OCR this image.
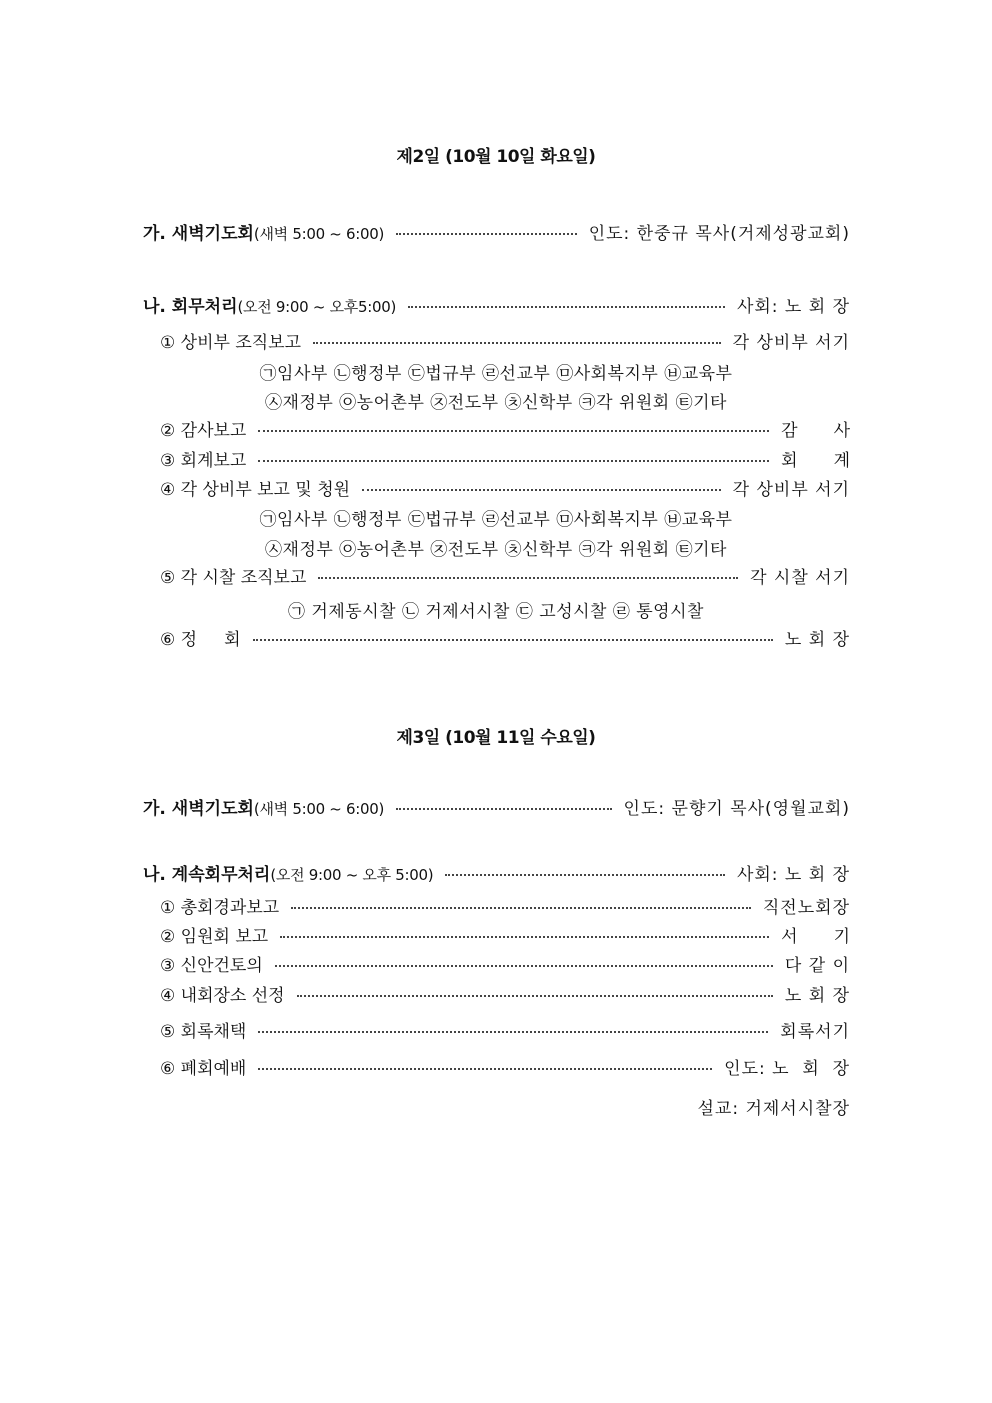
제2일 (10월 10일 화요일)
가. 새벽기도회(새벽 5:00 ~ 6:00)	인도: 한중규 목사(거제성광교회)
나. 회무처리(오전 9:00 ~ 오후5:00)	사회: 노 회 장
① 상비부 조직보고	각 상비부 서기
㉠임사부 ㉡행정부 ㉢법규부 ㉣선교부 ㉤사회복지부 ㉥교육부
㉦재정부 ㉧농어촌부 ㉨전도부 ㉩신학부 ㉪각 위원회 ㉫기타
② 감사보고	감사
③ 회계보고	회계
④ 각 상비부 보고 및 청원	각 상비부 서기
㉠임사부 ㉡행정부 ㉢법규부 ㉣선교부 ㉤사회복지부 ㉥교육부
㉦재정부 ㉧농어촌부 ㉨전도부 ㉩신학부 ㉪각 위원회 ㉫기타
⑤ 각 시찰 조직보고	각 시찰 서기
㉠ 거제동시찰 ㉡ 거제서시찰 ㉢ 고성시찰 ㉣ 통영시찰
⑥ 정     회	노 회 장
제3일 (10월 11일 수요일)
가. 새벽기도회(새벽 5:00 ~ 6:00)	인도: 문향기 목사(영월교회)
나. 계속회무처리(오전 9:00 ~ 오후 5:00)	사회: 노 회 장
① 총회경과보고	직전노회장
② 임원회 보고	서기
③ 신안건토의	다 같 이
④ 내회장소 선정	노 회 장
⑤ 회록채택	회록서기
⑥ 폐회예배	인도: 노  회  장
설교: 거제서시찰장
